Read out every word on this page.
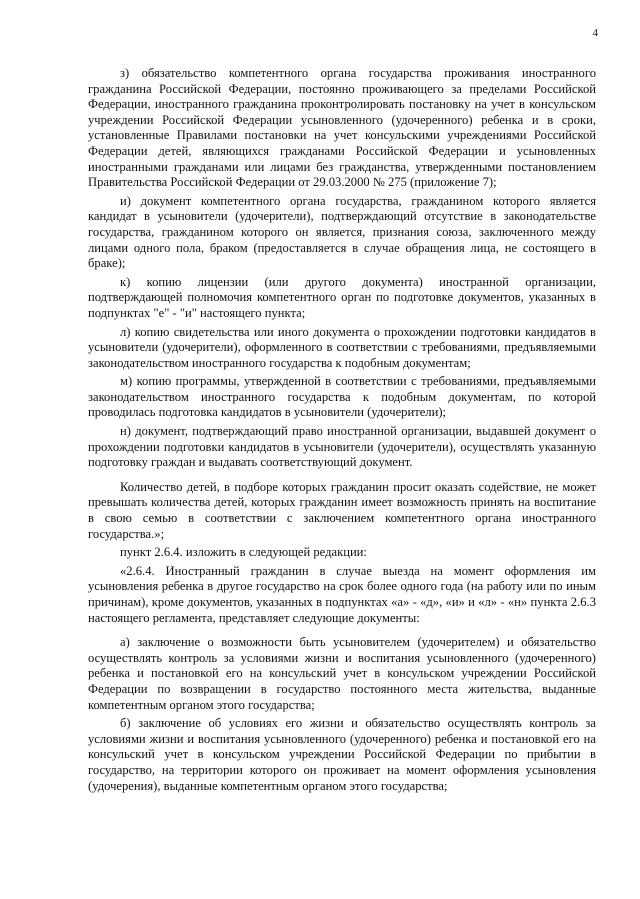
4

з) обязательство компетентного органа государства проживания иностранного гражданина Российской Федерации, постоянно проживающего за пределами Российской Федерации, иностранного гражданина проконтролировать постановку на учет в консульском учреждении Российской Федерации усыновленного (удочеренного) ребенка и в сроки, установленные Правилами постановки на учет консульскими учреждениями Российской Федерации детей, являющихся гражданами Российской Федерации и усыновленных иностранными гражданами или лицами без гражданства, утвержденными постановлением Правительства Российской Федерации от 29.03.2000 № 275 (приложение 7);

и) документ компетентного органа государства, гражданином которого является кандидат в усыновители (удочерители), подтверждающий отсутствие в законодательстве государства, гражданином которого он является, признания союза, заключенного между лицами одного пола, браком (предоставляется в случае обращения лица, не состоящего в браке);

к) копию лицензии (или другого документа) иностранной организации, подтверждающей полномочия компетентного орган по подготовке документов, указанных в подпунктах "е" - "и" настоящего пункта;

л) копию свидетельства или иного документа о прохождении подготовки кандидатов в усыновители (удочерители), оформленного в соответствии с требованиями, предъявляемыми законодательством иностранного государства к подобным документам;

м) копию программы, утвержденной в соответствии с требованиями, предъявляемыми законодательством иностранного государства к подобным документам, по которой проводилась подготовка кандидатов в усыновители (удочерители);

н) документ, подтверждающий право иностранной организации, выдавшей документ о прохождении подготовки кандидатов в усыновители (удочерители), осуществлять указанную подготовку граждан и выдавать соответствующий документ.

Количество детей, в подборе которых гражданин просит оказать содействие, не может превышать количества детей, которых гражданин имеет возможность принять на воспитание в свою семью в соответствии с заключением компетентного органа иностранного государства.»;

пункт 2.6.4. изложить в следующей редакции:

«2.6.4. Иностранный гражданин в случае выезда на момент оформления им усыновления ребенка в другое государство на срок более одного года (на работу или по иным причинам), кроме документов, указанных в подпунктах «а» - «д», «и» и «л» - «н» пункта 2.6.3 настоящего регламента, представляет следующие документы:

а) заключение о возможности быть усыновителем (удочерителем) и обязательство осуществлять контроль за условиями жизни и воспитания усыновленного (удочеренного) ребенка и постановкой его на консульский учет в консульском учреждении Российской Федерации по возвращении в государство постоянного места жительства, выданные компетентным органом этого государства;

б) заключение об условиях его жизни и обязательство осуществлять контроль за условиями жизни и воспитания усыновленного (удочеренного) ребенка и постановкой его на консульский учет в консульском учреждении Российской Федерации по прибытии в государство, на территории которого он проживает на момент оформления усыновления (удочерения), выданные компетентным органом этого государства;
